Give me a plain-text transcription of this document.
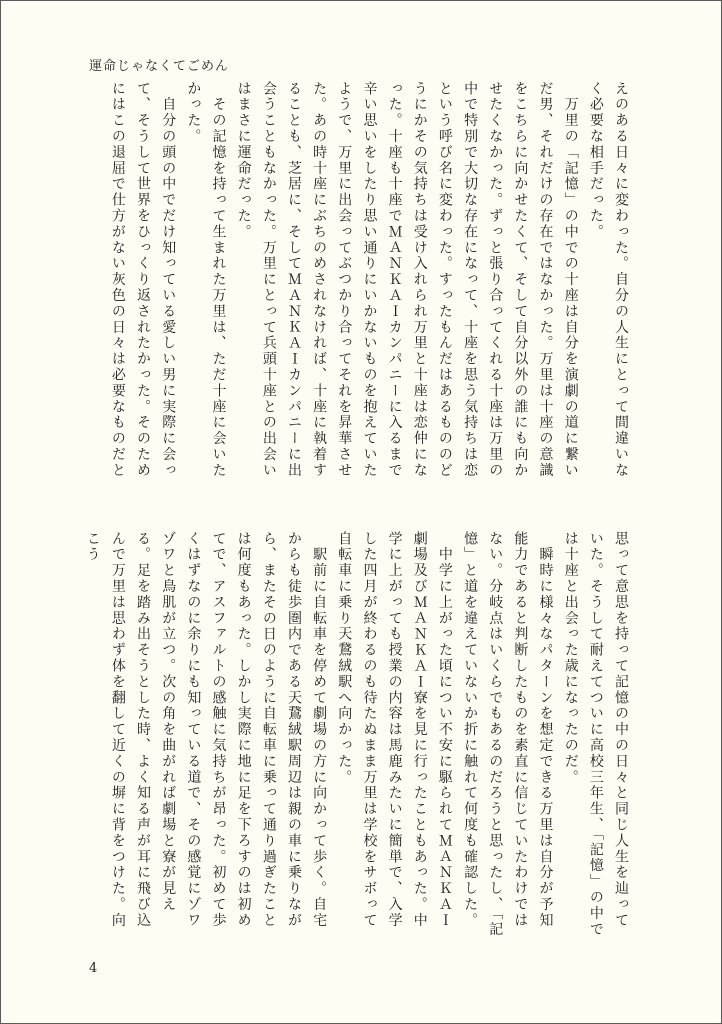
運命じゃなくてごめん

えのある日々に変わった。自分の人生にとって間違いなく必要な相手だった。

　万里の「記憶」の中での十座は自分を演劇の道に繋いだ男、それだけの存在ではなかった。万里は十座の意識をこちらに向かせたくて、そして自分以外の誰にも向かせたくなかった。ずっと張り合ってくれる十座は万里の中で特別で大切な存在になって、十座を思う気持ちは恋という呼び名に変わった。すったもんだはあるもののどうにかその気持ちは受け入れられ万里と十座は恋仲になった。十座も十座でＭＡＮＫＡＩカンパニーに入るまで辛い思いをしたり思い通りにいかないものを抱えていたようで、万里に出会ってぶつかり合ってそれを昇華させた。あの時十座にぶちのめされなければ、十座に執着することも、芝居に、そしてＭＡＮＫＡＩカンパニーに出会うこともなかった。万里にとって兵頭十座との出会いはまさに運命だった。

　その記憶を持って生まれた万里は、ただ十座に会いたかった。

　自分の頭の中でだけ知っている愛しい男に実際に会って、そうして世界をひっくり返されたかった。そのためにはこの退屈で仕方がない灰色の日々は必要なものだと

思って意思を持って記憶の中の日々と同じ人生を辿っていた。そうして耐えてついに高校三年生、「記憶」の中では十座と出会った歳になったのだ。

　瞬時に様々なパターンを想定できる万里は自分が予知能力であると判断したものを素直に信じていたわけではない。分岐点はいくらでもあるのだろうと思ったし、「記憶」と道を違えていないか折に触れて何度も確認した。

　中学に上がった頃につい不安に駆られてＭＡＮＫＡＩ劇場及びＭＡＮＫＡＩ寮を見に行ったこともあった。中学に上がっても授業の内容は馬鹿みたいに簡単で、入学した四月が終わるのも待たぬまま万里は学校をサボって自転車に乗り天鵞絨駅へ向かった。

　駅前に自転車を停めて劇場の方に向かって歩く。自宅からも徒歩圏内である天鵞絨駅周辺は親の車に乗りながら、またその日のように自転車に乗って通り過ぎたことは何度もあった。しかし実際に地に足を下ろすのは初めてで、アスファルトの感触に気持ちが昂った。初めて歩くはずなのに余りにも知っている道で、その感覚にゾワゾワと鳥肌が立つ。次の角を曲がれば劇場と寮が見える。足を踏み出そうとした時、よく知る声が耳に飛び込んで万里は思わず体を翻して近くの塀に背をつけた。向こう

4
